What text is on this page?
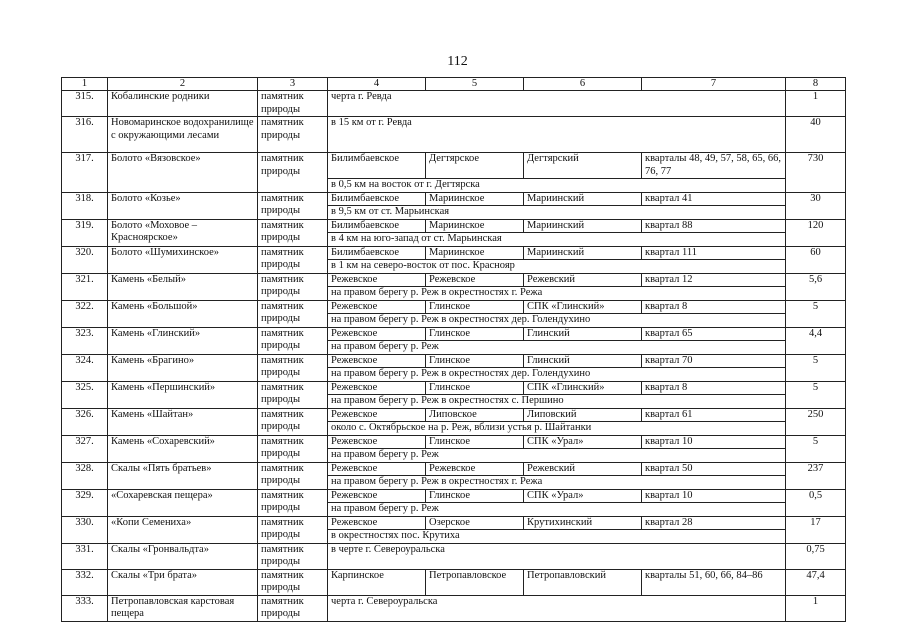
112
1	2	3	4	5	6	7	8
315.	Кобалинские родники	памятник природы	черта г. Ревда				1
316.	Новомаринское водохранилище с окружающими лесами	памятник природы	в 15 км от г. Ревда				40
317.	Болото «Вязовское»	памятник природы	Билимбаевское	Дегтярское	Дегтярский	кварталы 48, 49, 57, 58, 65, 66, 76, 77	730
			в 0,5 км на восток от г. Дегтярска				
318.	Болото «Козье»	памятник природы	Билимбаевское	Мариинское	Мариинский	квартал 41	30
			в 9,5 км от ст. Марьинская				
319.	Болото «Моховое – Красноярское»	памятник природы	Билимбаевское	Мариинское	Мариинский	квартал 88	120
			в 4 км на юго-запад от ст. Марьинская				
320.	Болото «Шумихинское»	памятник природы	Билимбаевское	Мариинское	Мариинский	квартал 111	60
			в 1 км на северо-восток от пос. Краснояр				
321.	Камень «Белый»	памятник природы	Режевское	Режевское	Режевский	квартал 12	5,6
			на правом берегу р. Реж в окрестностях г. Режа				
322.	Камень «Большой»	памятник природы	Режевское	Глинское	СПК «Глинский»	квартал 8	5
			на правом берегу р. Реж в окрестностях дер. Голендухино				
323.	Камень «Глинский»	памятник природы	Режевское	Глинское	Глинский	квартал 65	4,4
			на правом берегу р. Реж				
324.	Камень «Брагино»	памятник природы	Режевское	Глинское	Глинский	квартал 70	5
			на правом берегу р. Реж в окрестностях дер. Голендухино				
325.	Камень «Першинский»	памятник природы	Режевское	Глинское	СПК «Глинский»	квартал 8	5
			на правом берегу р. Реж в окрестностях с. Першино				
326.	Камень «Шайтан»	памятник природы	Режевское	Липовское	Липовский	квартал 61	250
			около с. Октябрьское на р. Реж, вблизи устья р. Шайтанки				
327.	Камень «Сохаревский»	памятник природы	Режевское	Глинское	СПК «Урал»	квартал 10	5
			на правом берегу р. Реж				
328.	Скалы «Пять братьев»	памятник природы	Режевское	Режевское	Режевский	квартал 50	237
			на правом берегу р. Реж в окрестностях г. Режа				
329.	«Сохаревская пещера»	памятник природы	Режевское	Глинское	СПК «Урал»	квартал 10	0,5
			на правом берегу р. Реж				
330.	«Копи Семениха»	памятник природы	Режевское	Озерское	Крутихинский	квартал 28	17
			в окрестностях пос. Крутиха				
331.	Скалы «Гронвальдта»	памятник природы	в черте г. Североуральска				0,75
332.	Скалы «Три брата»	памятник природы	Карпинское	Петропавловское	Петропавловский	кварталы 51, 60, 66, 84–86	47,4
333.	Петропавловская карстовая пещера	памятник природы	черта г. Североуральска				1
